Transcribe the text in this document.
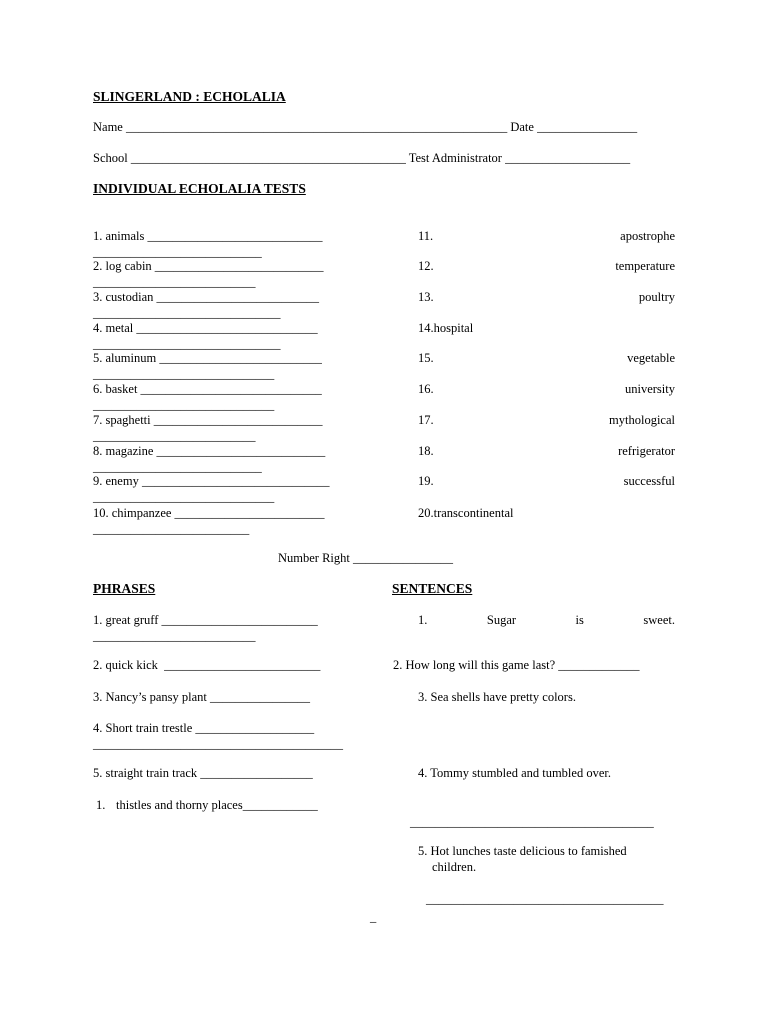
SLINGERLAND : ECHOLALIA
Name _____________________________________________________________ Date ________________
School ____________________________________________ Test Administrator ____________________
INDIVIDUAL ECHOLALIA TESTS
1. animals ____________________________
___________________________
2. log cabin ___________________________
__________________________
3. custodian __________________________
______________________________
4. metal _____________________________
______________________________
5. aluminum __________________________
_____________________________
6. basket _____________________________
_____________________________
7. spaghetti ___________________________
__________________________
8. magazine ___________________________
___________________________
9. enemy ______________________________
_____________________________
10. chimpanzee ________________________
_________________________
11.	apostrophe
12.	temperature
13.	poultry
14.hospital
15.	vegetable
16.	university
17.	mythological
18.	refrigerator
19.	successful
20.transcontinental
Number Right ________________
PHRASES	SENTENCES
1. great gruff _________________________
__________________________
2. quick kick  _________________________
3. Nancy’s pansy plant ________________
4. Short train trestle ___________________
________________________________________
5. straight train track __________________
1. thistles and thorny places____________
1.	Sugar	is	sweet.
2. How long will this game last? _____________
3. Sea shells have pretty colors.
4. Tommy stumbled and tumbled over.
_______________________________________
5. Hot lunches taste delicious to famished
children.
______________________________________
_
